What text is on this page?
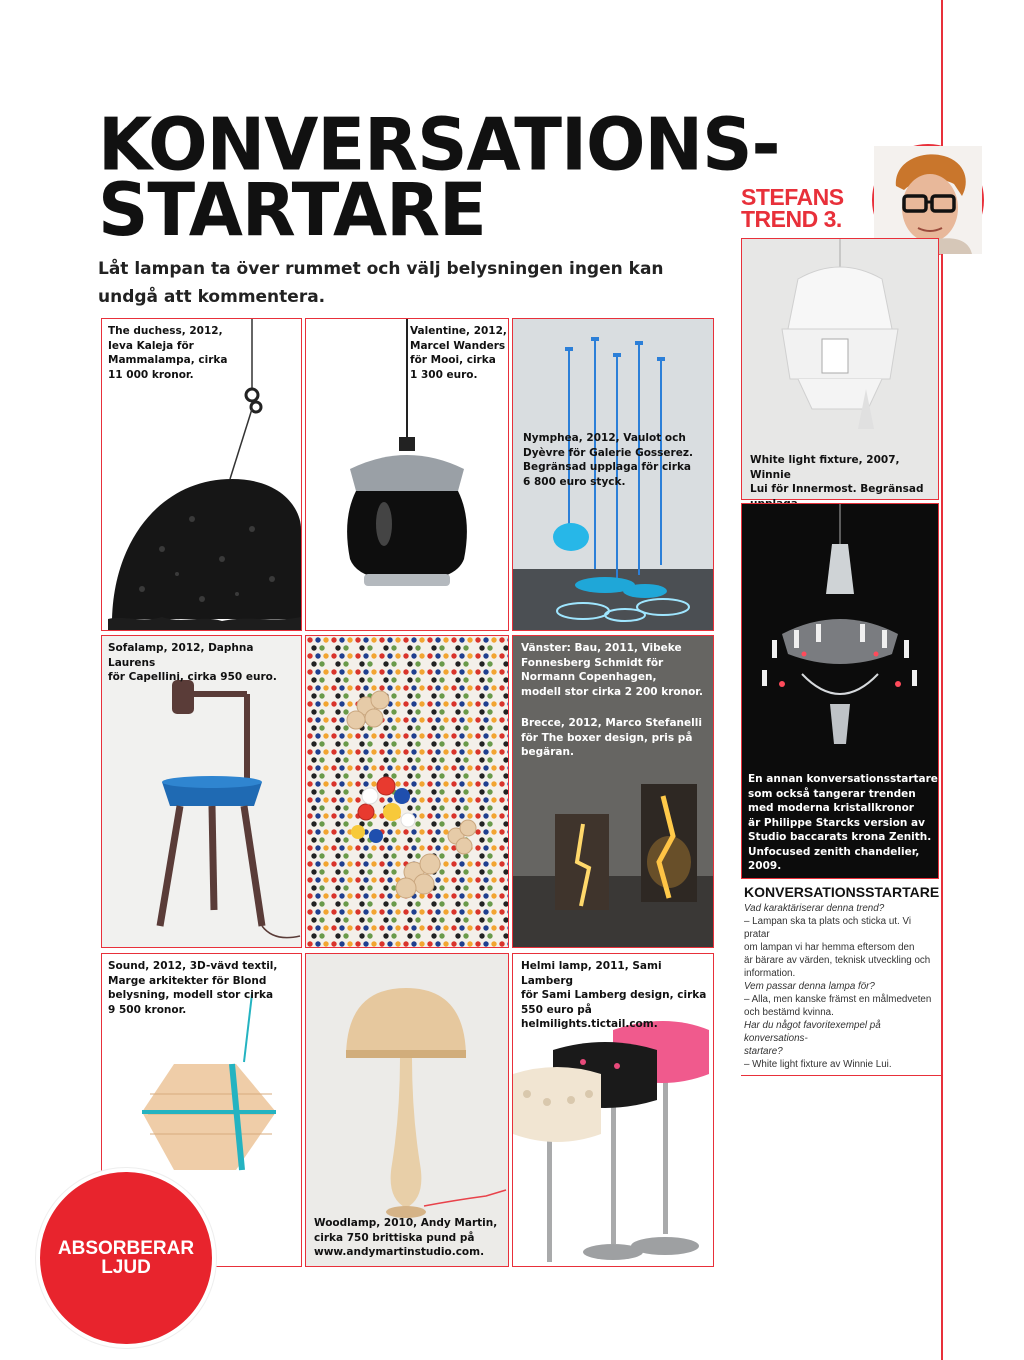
KONVERSATIONS-
STARTARE

Låt lampan ta över rummet och välj belysningen ingen kan
undgå att kommentera.

STEFANS
TREND 3.

The duchess, 2012,
Ieva Kaleja för
Mammalampa, cirka
11 000 kronor.

Valentine, 2012,
Marcel Wanders
för Mooi, cirka
1 300 euro.

Nymphea, 2012, Vaulot och
Dyèvre för Galerie Gosserez.
Begränsad upplaga för cirka
6 800 euro styck.

Sofalamp, 2012, Daphna Laurens
för Capellini, cirka 950 euro.

Vänster: Bau, 2011, Vibeke
Fonnesberg Schmidt för
Normann Copenhagen,
modell stor cirka 2 200 kronor.

Brecce, 2012, Marco Stefanelli
för The boxer design, pris på
begäran.

Sound, 2012, 3D-vävd textil,
Marge arkitekter för Blond
belysning, modell stor cirka
9 500 kronor.

Woodlamp, 2010, Andy Martin,
cirka 750 brittiska pund på
www.andymartinstudio.com.

Helmi lamp, 2011, Sami Lamberg
för Sami Lamberg design, cirka
550 euro på helmilights.tictail.com.

White light fixture, 2007, Winnie
Lui för Innermost. Begränsad

En annan konversationsstartare
som också tangerar trenden
med moderna kristallkronor
är Philippe Starcks version av
Studio baccarats krona Zenith.
Unfocused zenith chandelier,
2009.

KONVERSATIONSSTARTARE

Vad karaktäriserar denna trend?

– Lampan ska ta plats och sticka ut. Vi pratar

om lampan vi har hemma eftersom den

är bärare av värden, teknisk utveckling och

information.

Vem passar denna lampa för?

– Alla, men kanske främst en målmedveten

och bestämd kvinna.

Har du något favoritexempel på konversations-

startare?

– White light fixture av Winnie Lui.

ABSORBERAR
LJUD
